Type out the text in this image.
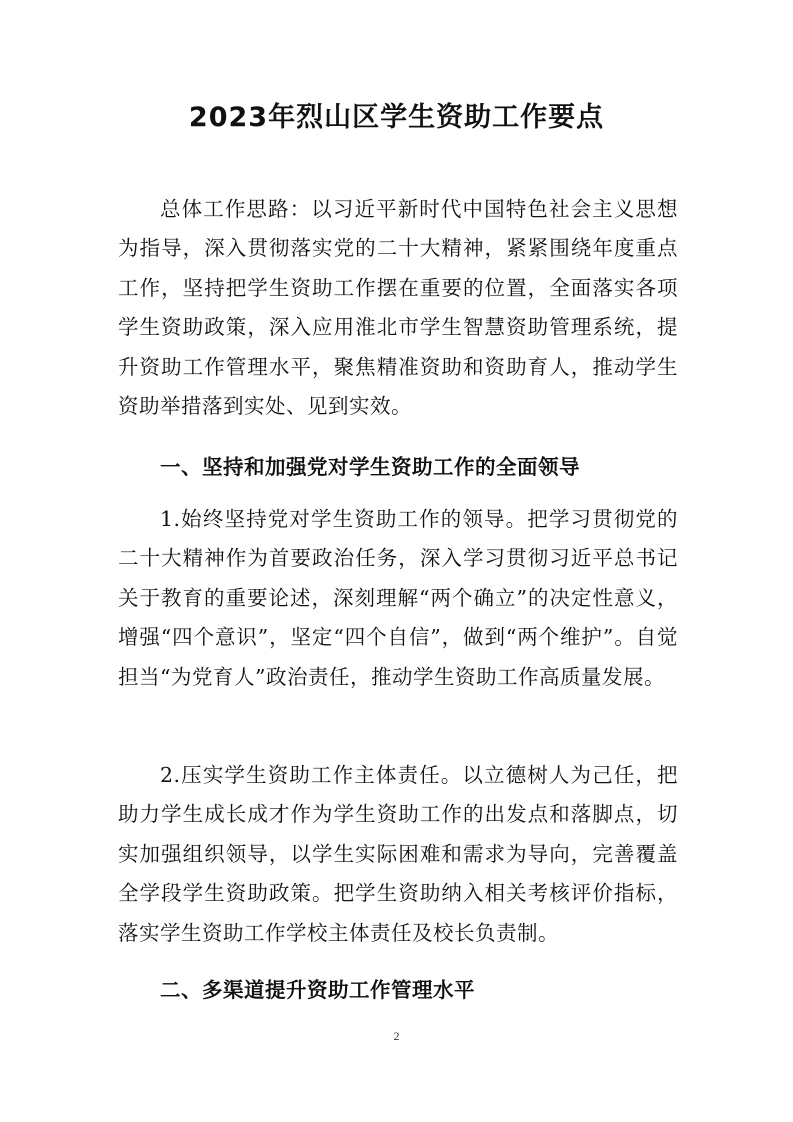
2023年烈山区学生资助工作要点

总体工作思路：以习近平新时代中国特色社会主义思想为指导，深入贯彻落实党的二十大精神，紧紧围绕年度重点工作，坚持把学生资助工作摆在重要的位置，全面落实各项学生资助政策，深入应用淮北市学生智慧资助管理系统，提升资助工作管理水平，聚焦精准资助和资助育人，推动学生资助举措落到实处、见到实效。

一、坚持和加强党对学生资助工作的全面领导

1.始终坚持党对学生资助工作的领导。把学习贯彻党的二十大精神作为首要政治任务，深入学习贯彻习近平总书记关于教育的重要论述，深刻理解“两个确立”的决定性意义，增强“四个意识”，坚定“四个自信”，做到“两个维护”。自觉担当“为党育人”政治责任，推动学生资助工作高质量发展。

2.压实学生资助工作主体责任。以立德树人为己任，把助力学生成长成才作为学生资助工作的出发点和落脚点，切实加强组织领导，以学生实际困难和需求为导向，完善覆盖全学段学生资助政策。把学生资助纳入相关考核评价指标，落实学生资助工作学校主体责任及校长负责制。

二、多渠道提升资助工作管理水平
2
